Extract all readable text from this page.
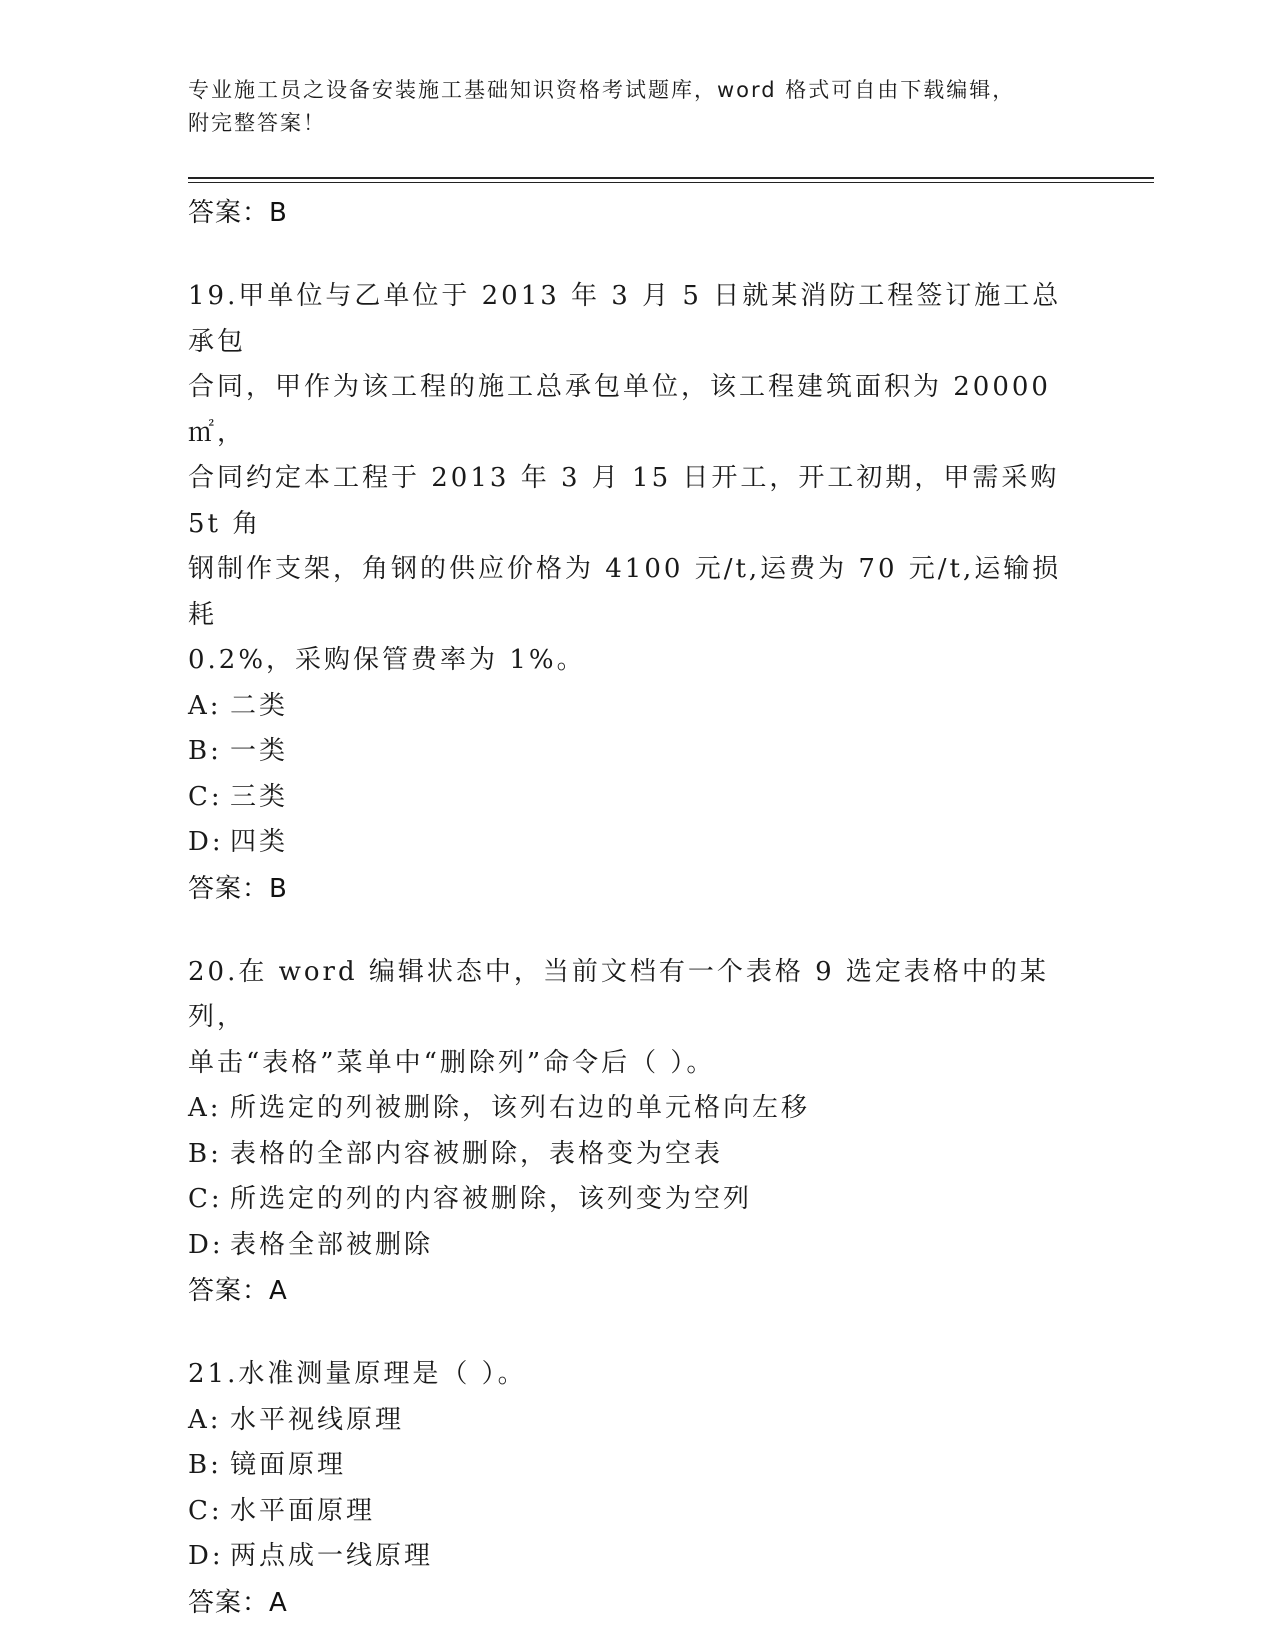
专业施工员之设备安装施工基础知识资格考试题库，word 格式可自由下载编辑，
附完整答案！
答案：B
19.甲单位与乙单位于 2013 年 3 月 5 日就某消防工程签订施工总承包
合同，甲作为该工程的施工总承包单位，该工程建筑面积为 20000㎡，
合同约定本工程于 2013 年 3 月 15 日开工，开工初期，甲需采购 5t 角
钢制作支架，角钢的供应价格为 4100 元/t,运费为 70 元/t,运输损耗
0.2%，采购保管费率为 1%。
A: 二类
B: 一类
C: 三类
D: 四类
答案：B
20.在 word 编辑状态中，当前文档有一个表格 9 选定表格中的某列，
单击“表格”菜单中“删除列”命令后（ ）。
A: 所选定的列被删除，该列右边的单元格向左移
B: 表格的全部内容被删除，表格变为空表
C: 所选定的列的内容被删除，该列变为空列
D: 表格全部被删除
答案：A
21.水准测量原理是（ ）。
A: 水平视线原理
B: 镜面原理
C: 水平面原理
D: 两点成一线原理
答案：A
